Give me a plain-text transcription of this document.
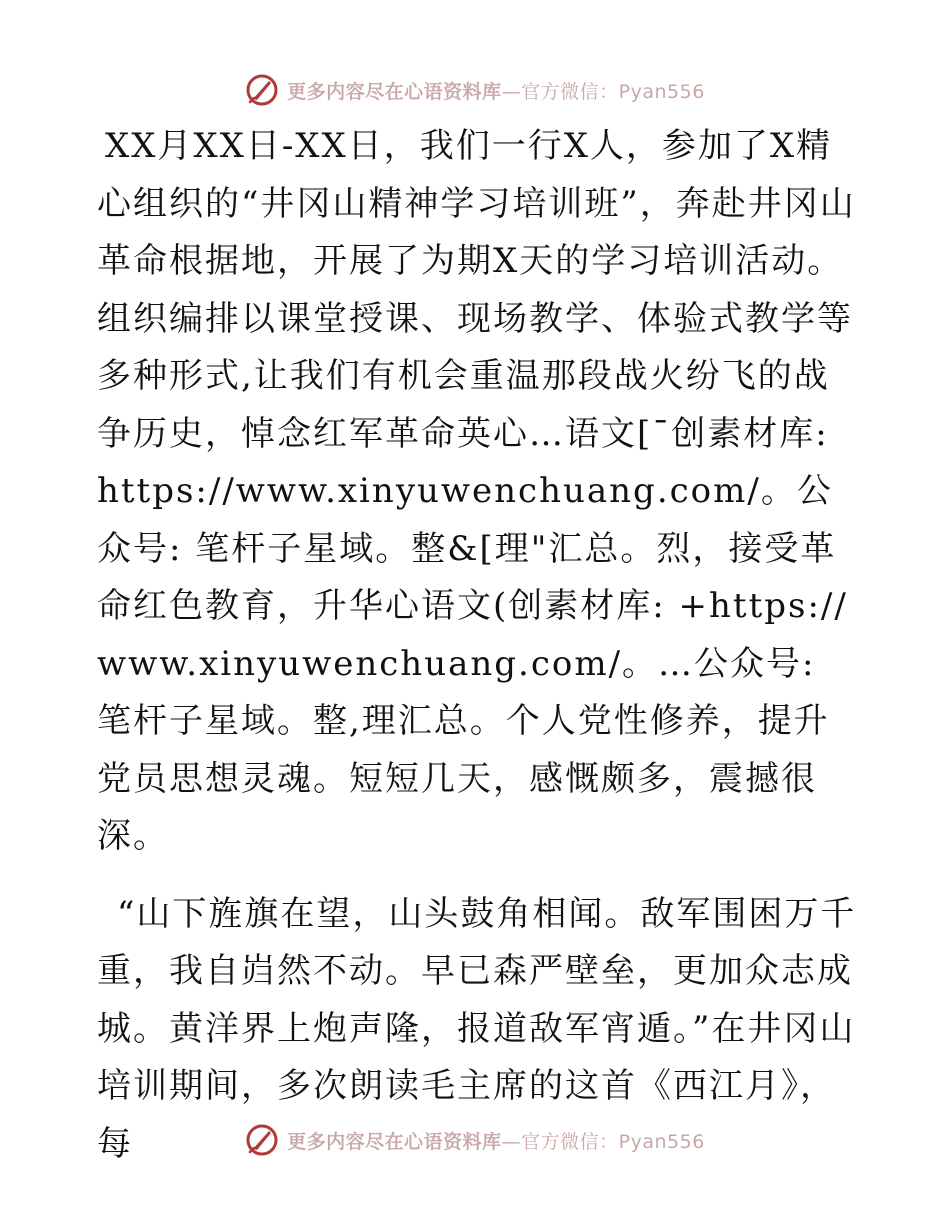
更多内容尽在心语资料库—官方微信：Pyan556

XX月XX日-XX日，我们一行X人，参加了X精心组织的“井冈山精神学习培训班”，奔赴井冈山革命根据地，开展了为期X天的学习培训活动。组织编排以课堂授课、现场教学、体验式教学等多种形式,让我们有机会重温那段战火纷飞的战争历史，悼念红军革命英心…语文[¯创素材库: https://www.xinyuwenchuang.com/。公众号: 笔杆子星域。整&[理"汇总。烈，接受革命红色教育，升华心语文(创素材库: +https://www.xinyuwenchuang.com/。…公众号: 笔杆子星域。整,理汇总。个人党性修养，提升党员思想灵魂。短短几天，感慨颇多，震撼很深。

“山下旌旗在望，山头鼓角相闻。敌军围困万千重，我自岿然不动。早已森严壁垒，更加众志成城。黄洋界上炮声隆，报道敌军宵遁。”在井冈山培训期间，多次朗读毛主席的这首《西江月》，每	更多内容尽在心语资料库—官方微信：Pyan556
